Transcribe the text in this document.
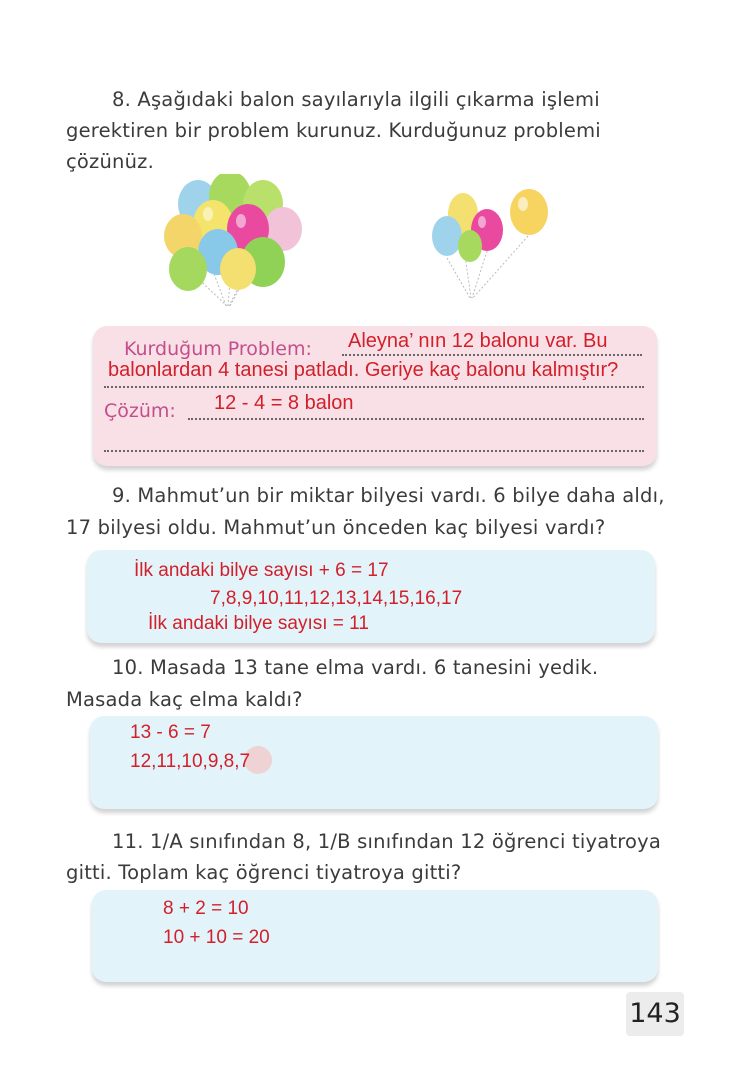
8. Aşağıdaki balon sayılarıyla ilgili çıkarma işlemi
gerektiren bir problem kurunuz. Kurduğunuz problemi
çözünüz.
Kurduğum Problem:
Çözüm:
Aleyna’ nın 12 balonu var. Bu
balonlardan 4 tanesi patladı. Geriye kaç balonu kalmıştır?
12 - 4 = 8 balon
9. Mahmut’un bir miktar bilyesi vardı. 6 bilye daha aldı,
17 bilyesi oldu. Mahmut’un önceden kaç bilyesi vardı?
İlk andaki bilye sayısı + 6 = 17
7,8,9,10,11,12,13,14,15,16,17
İlk andaki bilye sayısı = 11
10. Masada 13 tane elma vardı. 6 tanesini yedik.
Masada kaç elma kaldı?
13 - 6 = 7
12,11,10,9,8,7
11. 1/A sınıfından 8, 1/B sınıfından 12 öğrenci tiyatroya
gitti. Toplam kaç öğrenci tiyatroya gitti?
8 + 2 = 10
10 + 10 = 20
143
